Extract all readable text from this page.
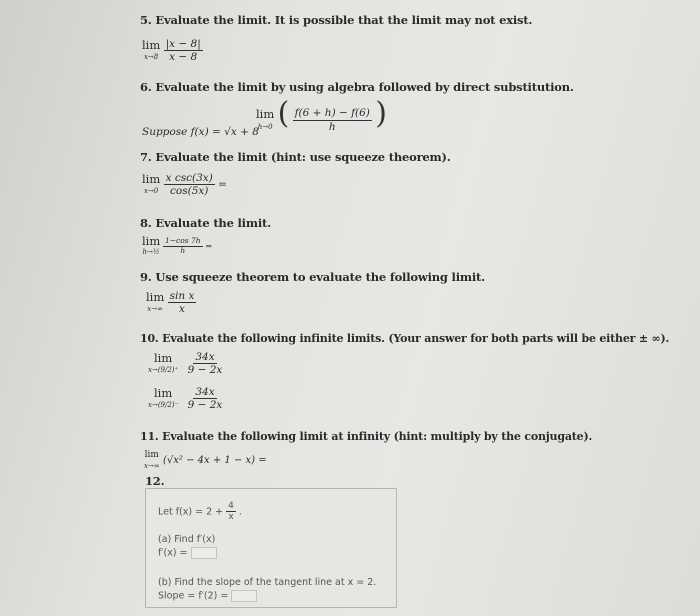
5. Evaluate the limit. It is possible that the limit may not exist.
lim
$x\to 8 \frac{|x - 8|}{x - 8}$
6. Evaluate the limit by using algebra followed by direct substitution.
lim
h→0 ( $\frac{f(6 + h) - f(6)}{h}$ )
Suppose f(x) = √x + 8
7. Evaluate the limit (hint: use squeeze theorem).
lim
$x\to 0 \frac{\text{x csc(3x)}}{\cos(5x)}$ =
8. Evaluate the limit.
lim
h→½ $\frac{1-\cos 7h}{h}$ =
9. Use squeeze theorem to evaluate the following limit.
lim
$x\to\infty \frac{\text{sin x}}{x}$
10. Evaluate the following infinite limits. (Your answer for both parts will be either ± ∞).
lim
$x\to(9/2)^+ \frac{34x}{9 - 2x}$
lim
$x\to(9/2)^- \frac{34x}{9 - 2x}$
11. Evaluate the following limit at infinity (hint: multiply by the conjugate).
lim
x→∞ (√x² − 4x + 1 − x) =
12.
Let $f(x) = 2 + \frac{4}{x}$ .
(a) Find f′(x)
f′(x) =
(b) Find the slope of the tangent line at x = 2.
Slope = f′(2) =
